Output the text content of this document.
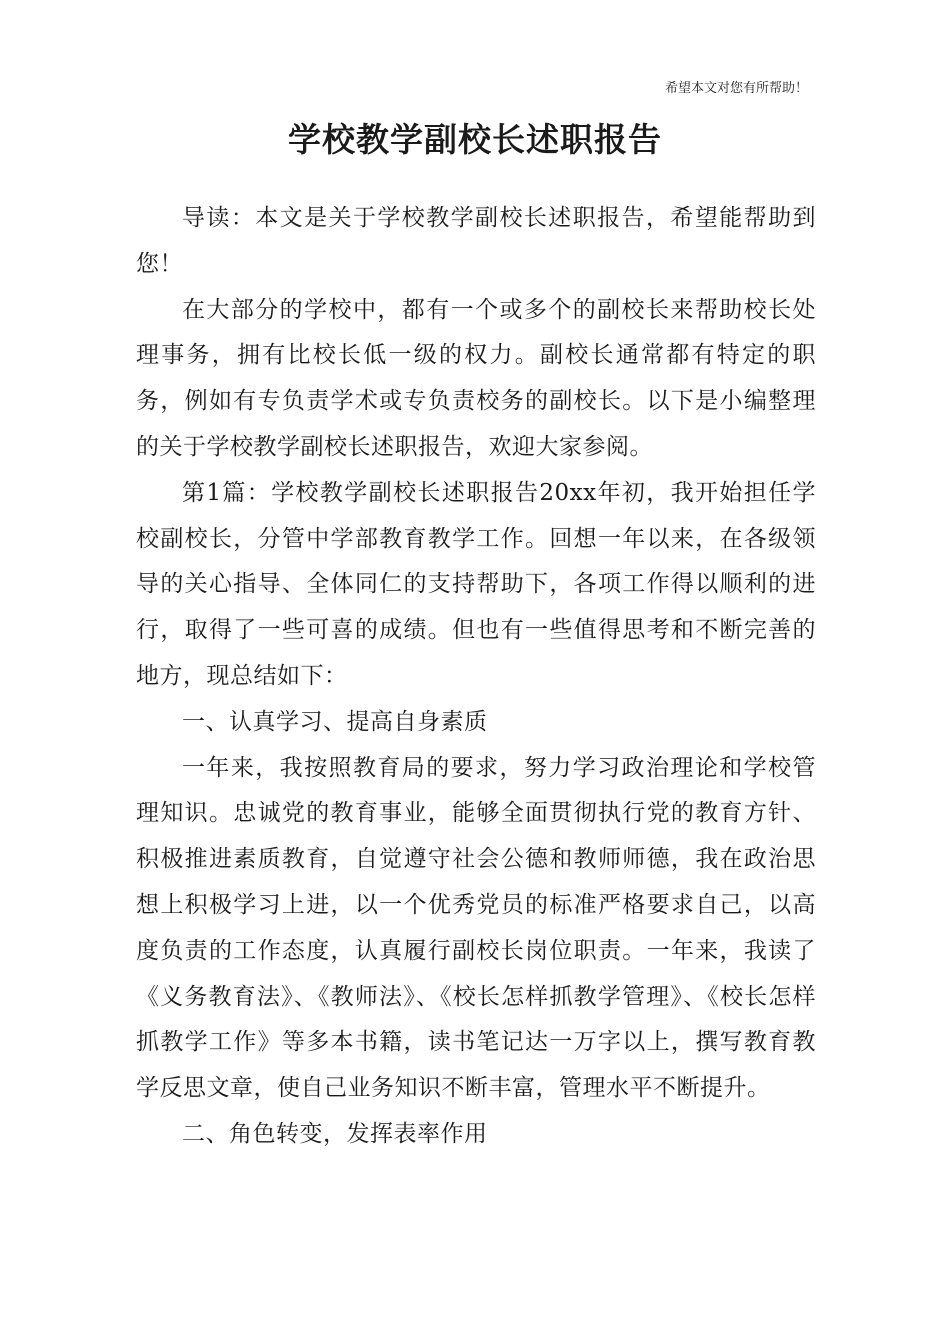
希望本文对您有所帮助！
学校教学副校长述职报告

导读：本文是关于学校教学副校长述职报告，希望能帮助到您！

在大部分的学校中，都有一个或多个的副校长来帮助校长处理事务，拥有比校长低一级的权力。副校长通常都有特定的职务，例如有专负责学术或专负责校务的副校长。以下是小编整理的关于学校教学副校长述职报告，欢迎大家参阅。

第1篇：学校教学副校长述职报告20xx年初，我开始担任学校副校长，分管中学部教育教学工作。回想一年以来，在各级领导的关心指导、全体同仁的支持帮助下，各项工作得以顺利的进行，取得了一些可喜的成绩。但也有一些值得思考和不断完善的地方，现总结如下：

一、认真学习、提高自身素质

一年来，我按照教育局的要求，努力学习政治理论和学校管理知识。忠诚党的教育事业，能够全面贯彻执行党的教育方针、积极推进素质教育，自觉遵守社会公德和教师师德，我在政治思想上积极学习上进，以一个优秀党员的标准严格要求自己，以高度负责的工作态度，认真履行副校长岗位职责。一年来，我读了《义务教育法》、《教师法》、《校长怎样抓教学管理》、《校长怎样抓教学工作》等多本书籍，读书笔记达一万字以上，撰写教育教学反思文章，使自己业务知识不断丰富，管理水平不断提升。

二、角色转变，发挥表率作用
